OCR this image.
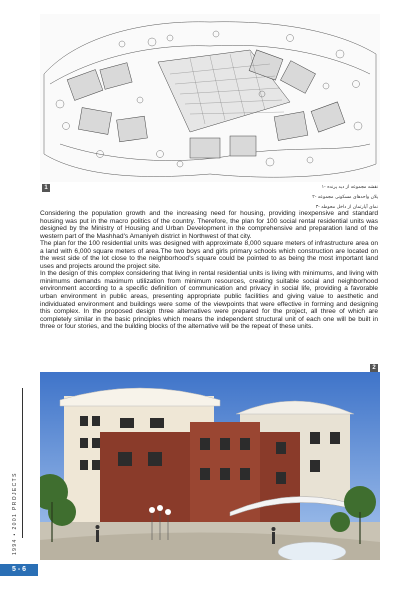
1	۱- نقشه مجموعه از دید پرنده
۲- پلان واحدهای مسکونی مجموعه
۳- نمای آپارتمان از داخل محوطه

Considering the population growth and the increasing need for housing, providing inexpensive and standard housing was put in the macro politics of the country. Therefore, the plan for 100 social rental residential units was designed by the Ministry of Housing and Urban Development in the comprehensive and preparation land of the western part of the Mashhad's Amaniyeh district in Northwest of that city.

The plan for the 100 residential units was designed with approximate 8,000 square meters of infrastructure area on a land with 6,000 square meters of area.The two boys and girls primary schools which construction are located on the west side of the lot close to the neighborhood's square could be pointed to as being the most important land uses and projects around the project site.

In the design of this complex considering that living in rental residential units is living with minimums, and living with minimums demands maximum utilization from minimum resources, creating suitable social and neighborhood environment according to a specific definition of communication and privacy in social life, providing a favorable urban environment in public areas, presenting appropriate public facilities and giving value to aesthetic and individuated environment and buildings were some of the viewpoints that were effective in forming and designing this complex. In the proposed design three alternatives were prepared for the project, all three of which are completely similar in the basic principles which means the independent structural unit of each one will be built in three or four stories, and the building blocks of the alternative will be the repeat of these units.

2
1994 • 2001 PROJECTS
5 - 6
